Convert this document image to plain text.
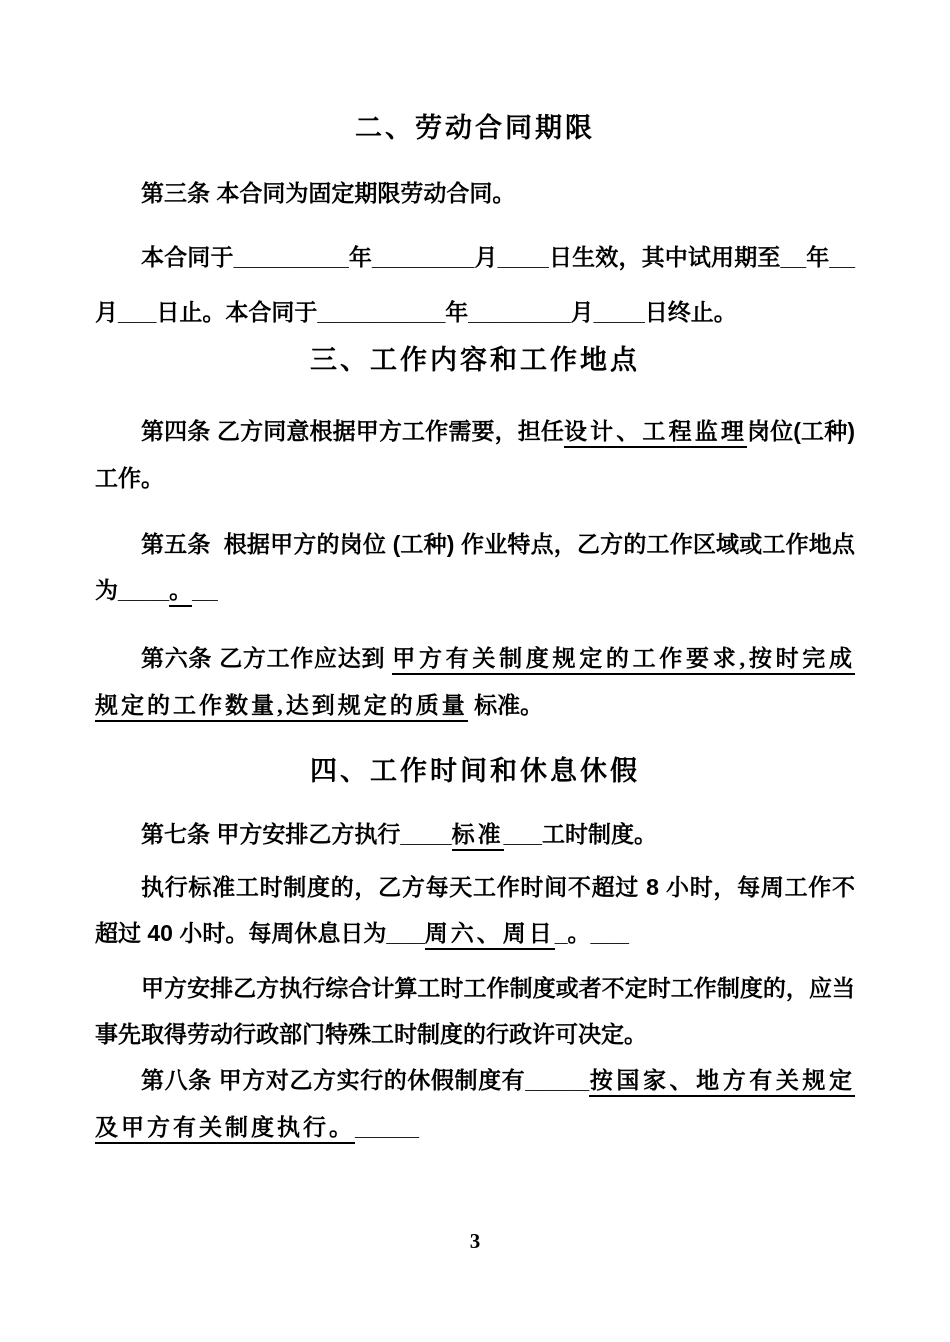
二、劳动合同期限

第三条 本合同为固定期限劳动合同。

本合同于_________年________月____日生效，其中试用期至__年__月___日止。本合同于__________年________月____日终止。

三、工作内容和工作地点

第四条 乙方同意根据甲方工作需要，担任设计、工程监理岗位(工种)工作。

第五条  根据甲方的岗位 (工种) 作业特点，乙方的工作区域或工作地点为____。__

第六条 乙方工作应达到 甲方有关制度规定的工作要求,按时完成规定的工作数量,达到规定的质量 标准。

四、工作时间和休息休假

第七条 甲方安排乙方执行____标准___工时制度。

执行标准工时制度的，乙方每天工作时间不超过 8 小时，每周工作不超过 40 小时。每周休息日为___周六、周日_。___

甲方安排乙方执行综合计算工时工作制度或者不定时工作制度的，应当事先取得劳动行政部门特殊工时制度的行政许可决定。

第八条 甲方对乙方实行的休假制度有_____按国家、地方有关规定及甲方有关制度执行。_____

3
